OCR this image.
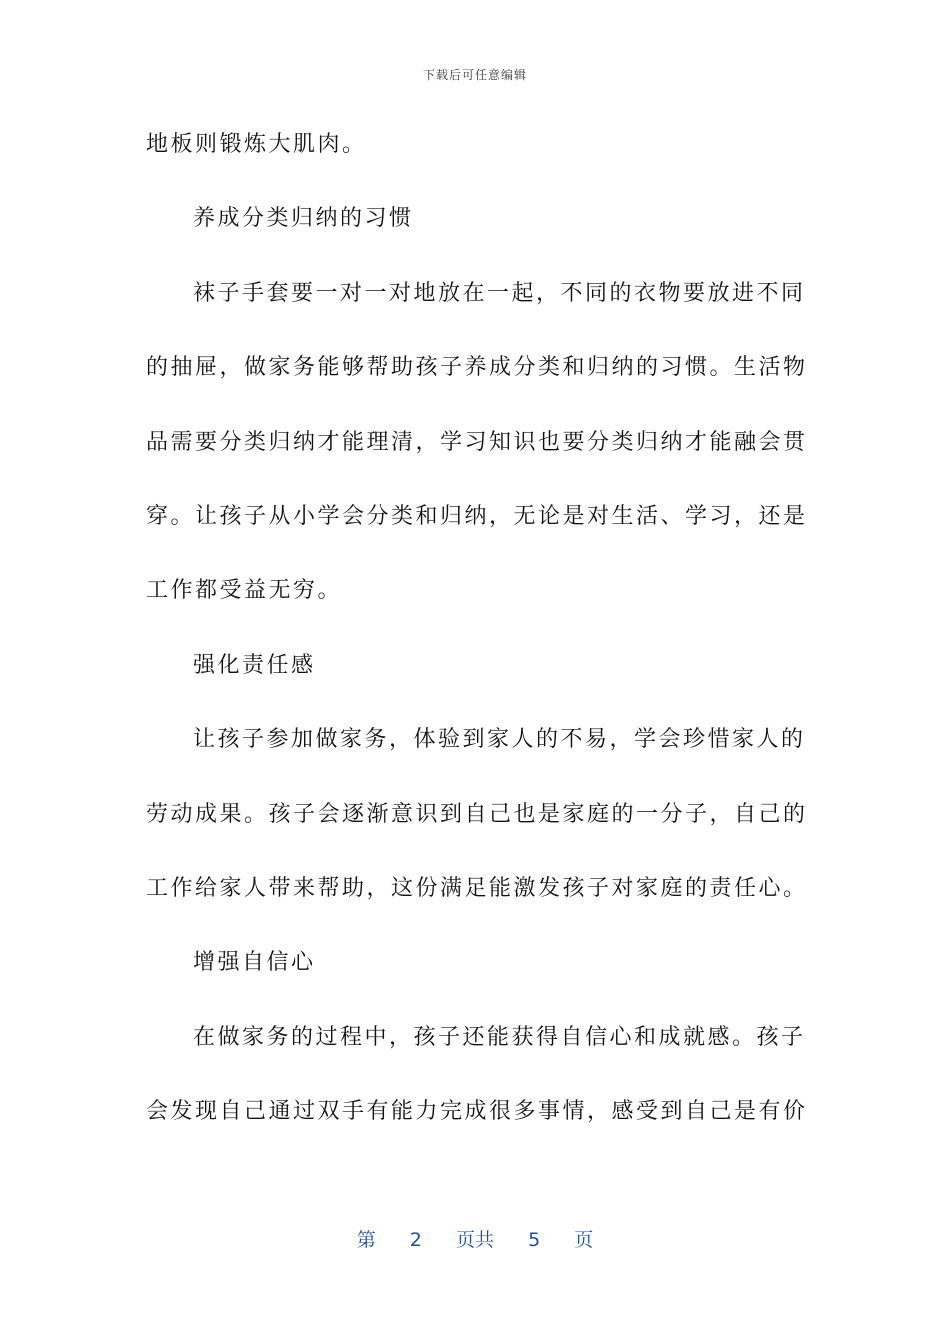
下载后可任意编辑
地板则锻炼大肌肉。
养成分类归纳的习惯
袜子手套要一对一对地放在一起，不同的衣物要放进不同
的抽屉，做家务能够帮助孩子养成分类和归纳的习惯。生活物
品需要分类归纳才能理清，学习知识也要分类归纳才能融会贯
穿。让孩子从小学会分类和归纳，无论是对生活、学习，还是
工作都受益无穷。
强化责任感
让孩子参加做家务，体验到家人的不易，学会珍惜家人的
劳动成果。孩子会逐渐意识到自己也是家庭的一分子，自己的
工作给家人带来帮助，这份满足能激发孩子对家庭的责任心。
增强自信心
在做家务的过程中，孩子还能获得自信心和成就感。孩子
会发现自己通过双手有能力完成很多事情，感受到自己是有价
第 2 页共 5 页
